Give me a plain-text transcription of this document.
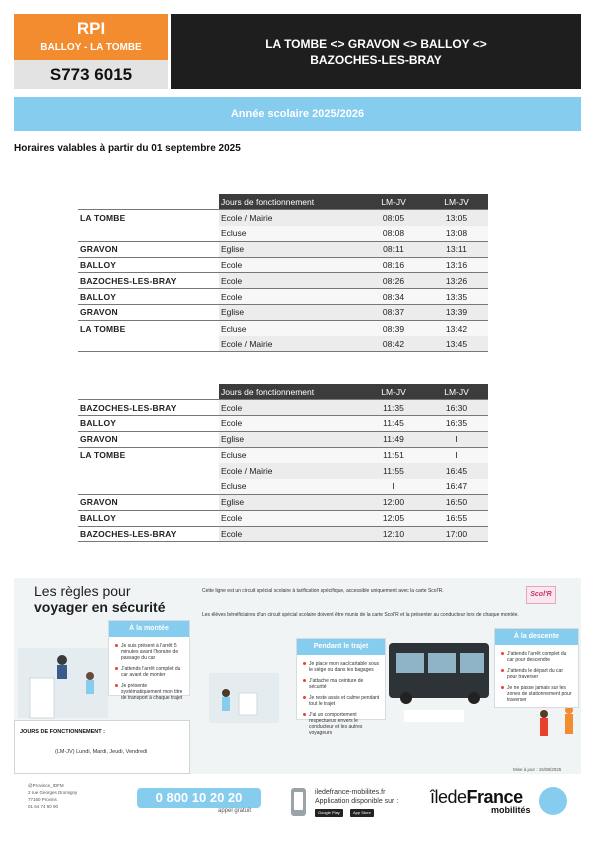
RPI
BALLOY - LA TOMBE
S773 6015
LA TOMBE <> GRAVON <> BALLOY <>
BAZOCHES-LES-BRAY
Année scolaire 2025/2026
Horaires valables à partir du 01 septembre 2025
	Jours de fonctionnement	LM-JV	LM-JV
LA TOMBE	Ecole / Mairie	08:05	13:05
	Ecluse	08:08	13:08
GRAVON	Eglise	08:11	13:11
BALLOY	Ecole	08:16	13:16
BAZOCHES-LES-BRAY	Ecole	08:26	13:26
BALLOY	Ecole	08:34	13:35
GRAVON	Eglise	08:37	13:39
LA TOMBE	Ecluse	08:39	13:42
	Ecole / Mairie	08:42	13:45
	Jours de fonctionnement	LM-JV	LM-JV
BAZOCHES-LES-BRAY	Ecole	11:35	16:30
BALLOY	Ecole	11:45	16:35
GRAVON	Eglise	11:49	I
LA TOMBE	Ecluse	11:51	I
	Ecole / Mairie	11:55	16:45
	Ecluse	I	16:47
GRAVON	Eglise	12:00	16:50
BALLOY	Ecole	12:05	16:55
BAZOCHES-LES-BRAY	Ecole	12:10	17:00
Les règles pour
voyager en sécurité
Cette ligne est un circuit spécial scolaire à tarification spécifique, accessible uniquement avec la carte Scol'R.
Les élèves bénéficiaires d'un circuit spécial scolaire doivent être munis de la carte Scol'R et la présenter au conducteur lors de chaque montée.
Scol'R
À la montée
Je suis présent à l'arrêt 5 minutes avant l'horaire de passage du car
J'attends l'arrêt complet du car avant de monter
Je présente systématiquement mon titre de transport à chaque trajet
Pendant le trajet
Je place mon sac/cartable sous le siège ou dans les bagages
J'attache ma ceinture de sécurité
Je reste assis et calme pendant tout le trajet
J'ai un comportement respectueux envers le conducteur et les autres voyageurs
À la descente
J'attends l'arrêt complet du car pour descendre
J'attends le départ du car pour traverser
Je ne passe jamais sur les zones de stationnement pour traverser
JOURS DE FONCTIONNEMENT :
(LM-JV) Lundi, Mardi, Jeudi, Vendredi
Mise à jour : 15/08/2025
@Province_IDFM
2 rue Georges Dromigny
77160 Provins
01 64 74 50 90
0 800 10 20 20
appel gratuit
iledefrance-mobilites.fr
Application disponible sur :
Google Play	App Store
îledeFrance
mobilités
